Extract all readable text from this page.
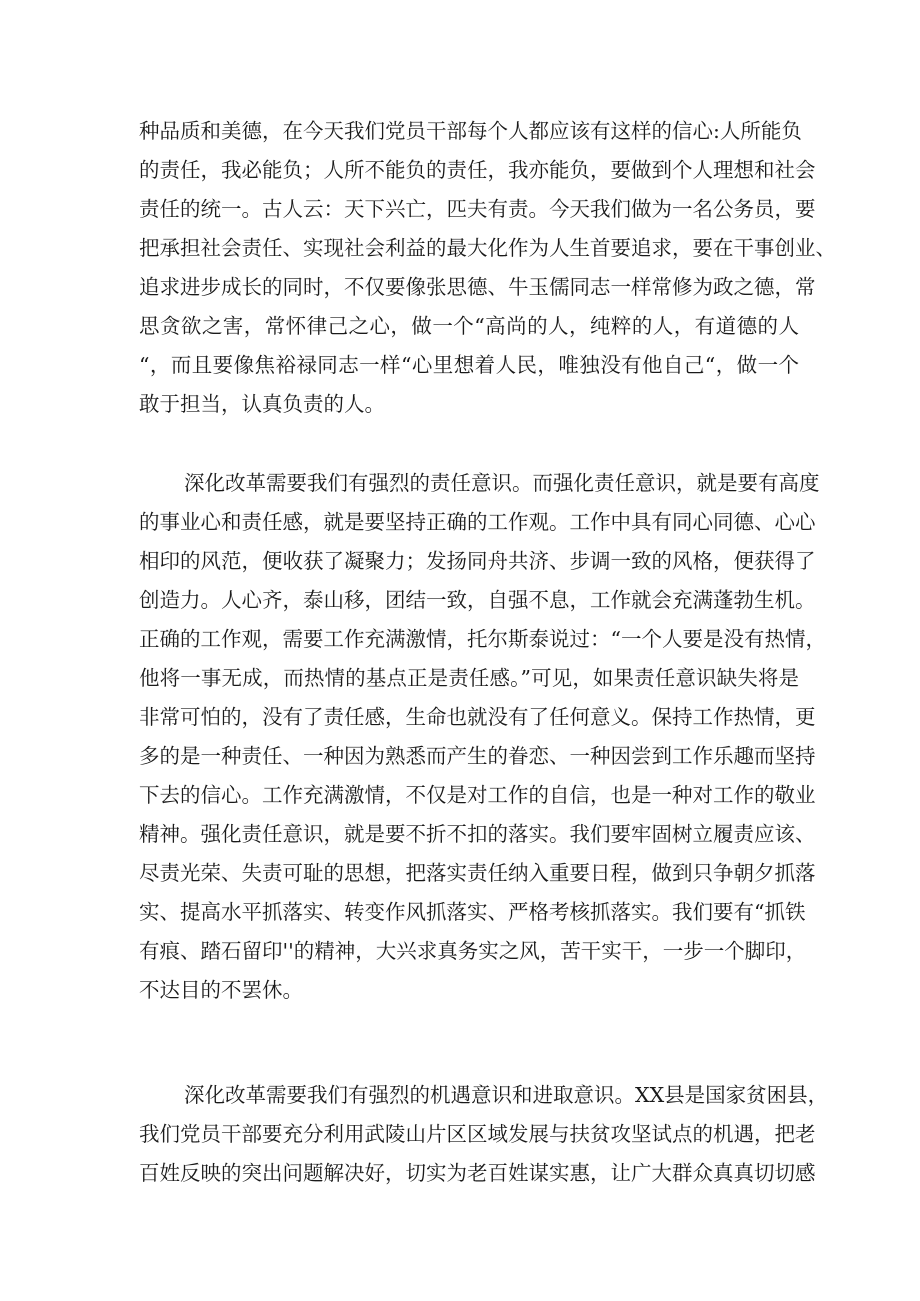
种品质和美德，在今天我们党员干部每个人都应该有这样的信心:人所能负
的责任，我必能负；人所不能负的责任，我亦能负，要做到个人理想和社会
责任的统一。古人云：天下兴亡，匹夫有责。今天我们做为一名公务员，要
把承担社会责任、实现社会利益的最大化作为人生首要追求，要在干事创业、
追求进步成长的同时，不仅要像张思德、牛玉儒同志一样常修为政之德，常
思贪欲之害，常怀律己之心，做一个“高尚的人，纯粹的人，有道德的人
“，而且要像焦裕禄同志一样“心里想着人民，唯独没有他自己“，做一个
敢于担当，认真负责的人。
深化改革需要我们有强烈的责任意识。而强化责任意识，就是要有高度
的事业心和责任感，就是要坚持正确的工作观。工作中具有同心同德、心心
相印的风范，便收获了凝聚力；发扬同舟共济、步调一致的风格，便获得了
创造力。人心齐，泰山移，团结一致，自强不息，工作就会充满蓬勃生机。
正确的工作观，需要工作充满激情，托尔斯泰说过：“一个人要是没有热情，
他将一事无成，而热情的基点正是责任感。”可见，如果责任意识缺失将是
非常可怕的，没有了责任感，生命也就没有了任何意义。保持工作热情，更
多的是一种责任、一种因为熟悉而产生的眷恋、一种因尝到工作乐趣而坚持
下去的信心。工作充满激情，不仅是对工作的自信，也是一种对工作的敬业
精神。强化责任意识，就是要不折不扣的落实。我们要牢固树立履责应该、
尽责光荣、失责可耻的思想，把落实责任纳入重要日程，做到只争朝夕抓落
实、提高水平抓落实、转变作风抓落实、严格考核抓落实。我们要有“抓铁
有痕、踏石留印''的精神，大兴求真务实之风，苦干实干，一步一个脚印，
不达目的不罢休。
深化改革需要我们有强烈的机遇意识和进取意识。XX县是国家贫困县，
我们党员干部要充分利用武陵山片区区域发展与扶贫攻坚试点的机遇，把老
百姓反映的突出问题解决好，切实为老百姓谋实惠，让广大群众真真切切感
